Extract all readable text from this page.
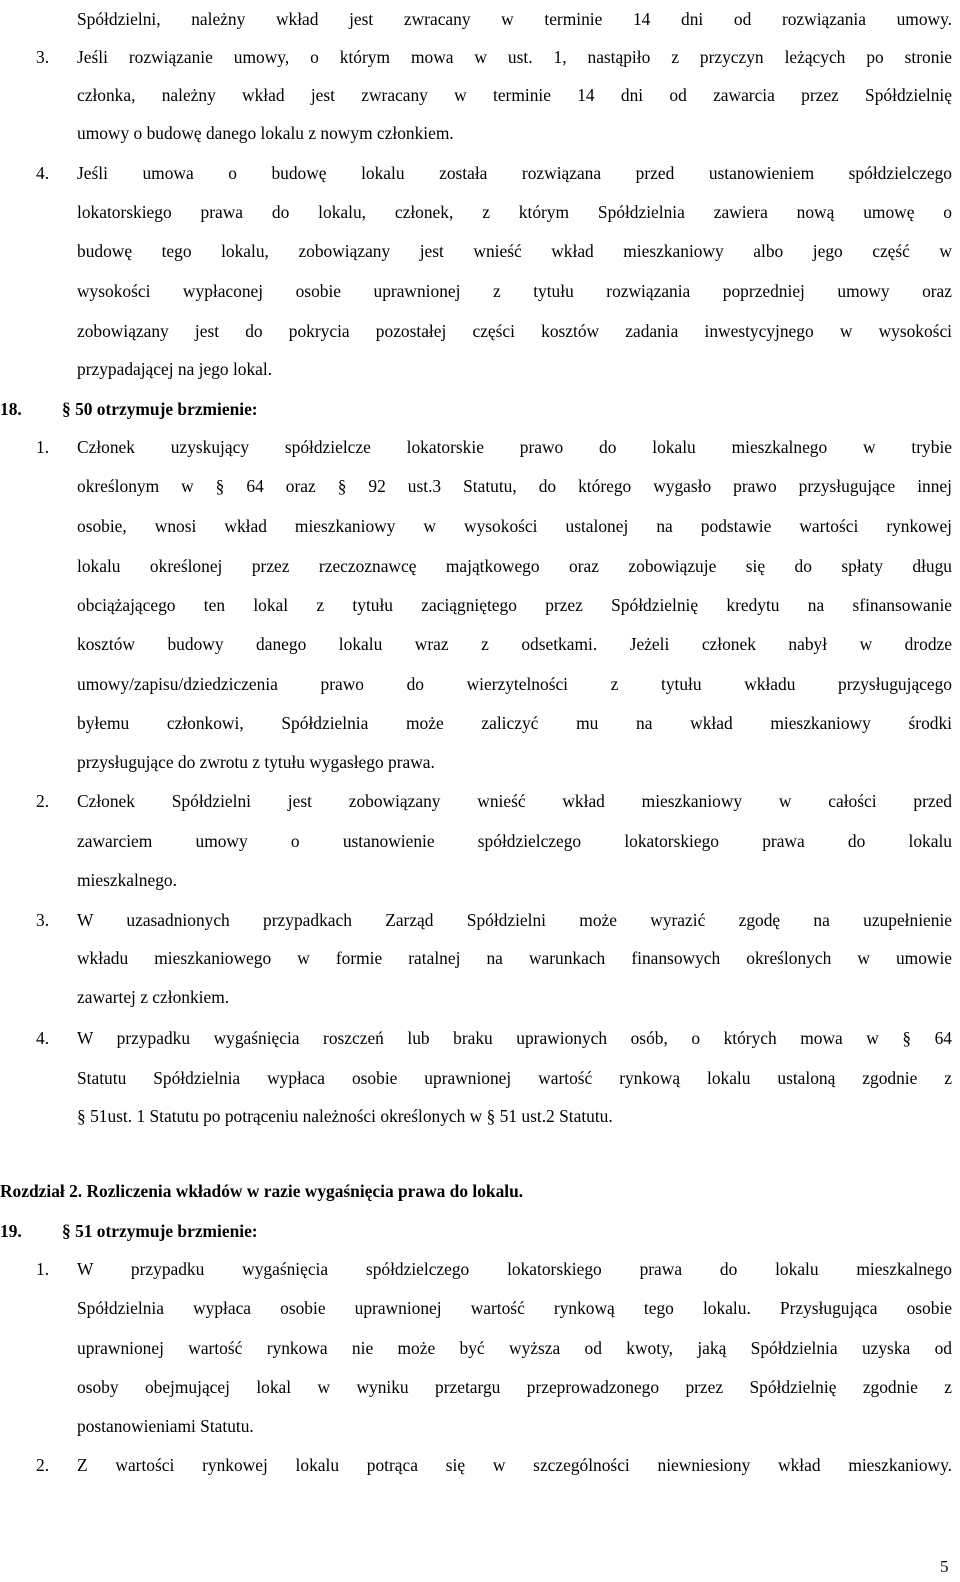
Spółdzielni, należny wkład jest zwracany w terminie 14 dni od rozwiązania umowy.
3. Jeśli rozwiązanie umowy, o którym mowa w ust. 1, nastąpiło z przyczyn leżących po stronie
członka, należny wkład jest zwracany w terminie 14 dni od zawarcia przez Spółdzielnię
umowy o budowę danego lokalu z nowym członkiem.
4. Jeśli umowa o budowę lokalu została rozwiązana przed ustanowieniem spółdzielczego
lokatorskiego prawa do lokalu, członek, z którym Spółdzielnia zawiera nową umowę o
budowę tego lokalu, zobowiązany jest wnieść wkład mieszkaniowy albo jego część w
wysokości wypłaconej osobie uprawnionej z tytułu rozwiązania poprzedniej umowy oraz
zobowiązany jest do pokrycia pozostałej części kosztów zadania inwestycyjnego w wysokości
przypadającej na jego lokal.
18. §	50 otrzymuje brzmienie:
1. Członek uzyskujący spółdzielcze lokatorskie prawo do lokalu mieszkalnego w trybie
określonym w §	64 oraz §	92 ust.3 Statutu, do którego wygasło prawo przysługujące innej
osobie, wnosi wkład mieszkaniowy w wysokości ustalonej na podstawie wartości rynkowej
lokalu określonej przez rzeczoznawcę majątkowego oraz zobowiązuje się do spłaty długu
obciążającego ten lokal z tytułu zaciągniętego przez Spółdzielnię kredytu na sfinansowanie
kosztów budowy danego lokalu wraz z odsetkami. Jeżeli członek nabył w drodze
umowy/zapisu/dziedziczenia prawo do wierzytelności z tytułu wkładu przysługującego
byłemu członkowi, Spółdzielnia może zaliczyć mu na wkład mieszkaniowy środki
przysługujące do zwrotu z tytułu wygasłego prawa.
2. Członek Spółdzielni jest zobowiązany wnieść wkład mieszkaniowy w całości przed
zawarciem umowy o ustanowienie spółdzielczego lokatorskiego prawa do lokalu
mieszkalnego.
3. W uzasadnionych przypadkach Zarząd Spółdzielni może wyrazić zgodę na uzupełnienie
wkładu mieszkaniowego w formie ratalnej na warunkach finansowych określonych w umowie
zawartej z członkiem.
4. W przypadku wygaśnięcia roszczeń lub braku uprawionych osób, o których mowa w §	64
Statutu Spółdzielnia wypłaca osobie uprawnionej wartość rynkową lokalu ustaloną zgodnie z
§ 51ust. 1 Statutu po potrąceniu należności określonych w § 51 ust.2 Statutu.
Rozdział 2. Rozliczenia wkładów w razie wygaśnięcia prawa do lokalu.
19. §	51 otrzymuje brzmienie:
1. W przypadku wygaśnięcia spółdzielczego lokatorskiego prawa do lokalu mieszkalnego
Spółdzielnia wypłaca osobie uprawnionej wartość rynkową tego lokalu. Przysługująca osobie
uprawnionej wartość rynkowa nie może być wyższa od kwoty, jaką Spółdzielnia uzyska od
osoby obejmującej lokal w wyniku przetargu przeprowadzonego przez Spółdzielnię zgodnie z
postanowieniami Statutu.
2. Z wartości rynkowej lokalu potrąca się w szczególności niewniesiony wkład mieszkaniowy.
5
